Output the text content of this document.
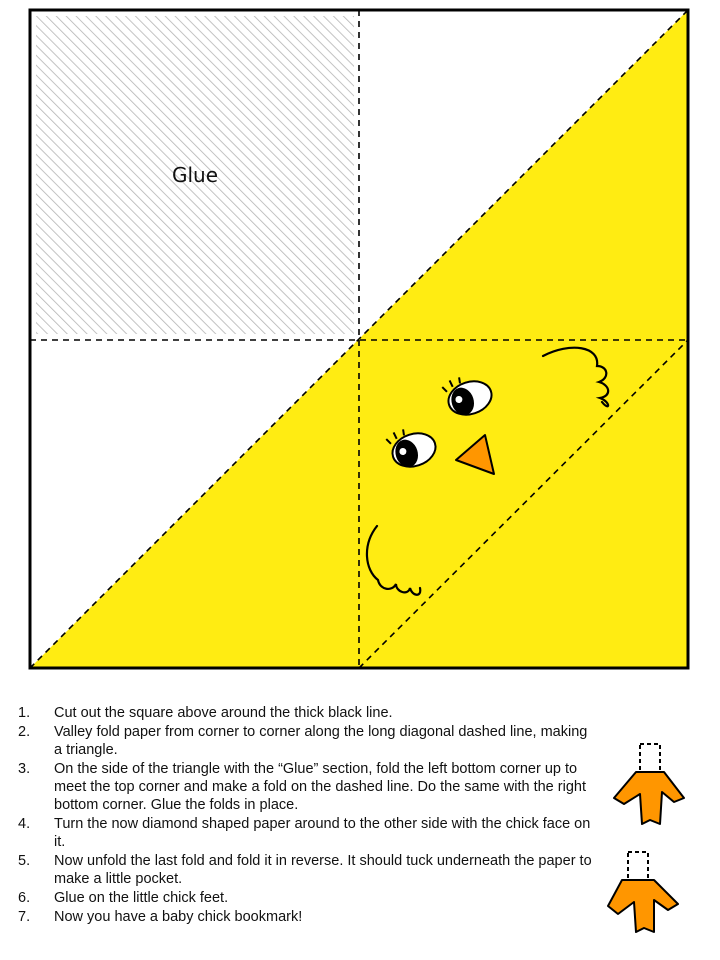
Glue
1. Cut out the square above around the thick black line.
2. Valley fold paper from corner to corner along the long diagonal dashed line, making a triangle.
3. On the side of the triangle with the “Glue” section, fold the left bottom corner up to meet the top corner and make a fold on the dashed line. Do the same with the right bottom corner. Glue the folds in place.
4. Turn the now diamond shaped paper around to the other side with the chick face on it.
5. Now unfold the last fold and fold it in reverse. It should tuck underneath the paper to make a little pocket.
6. Glue on the little chick feet.
7. Now you have a baby chick bookmark!
